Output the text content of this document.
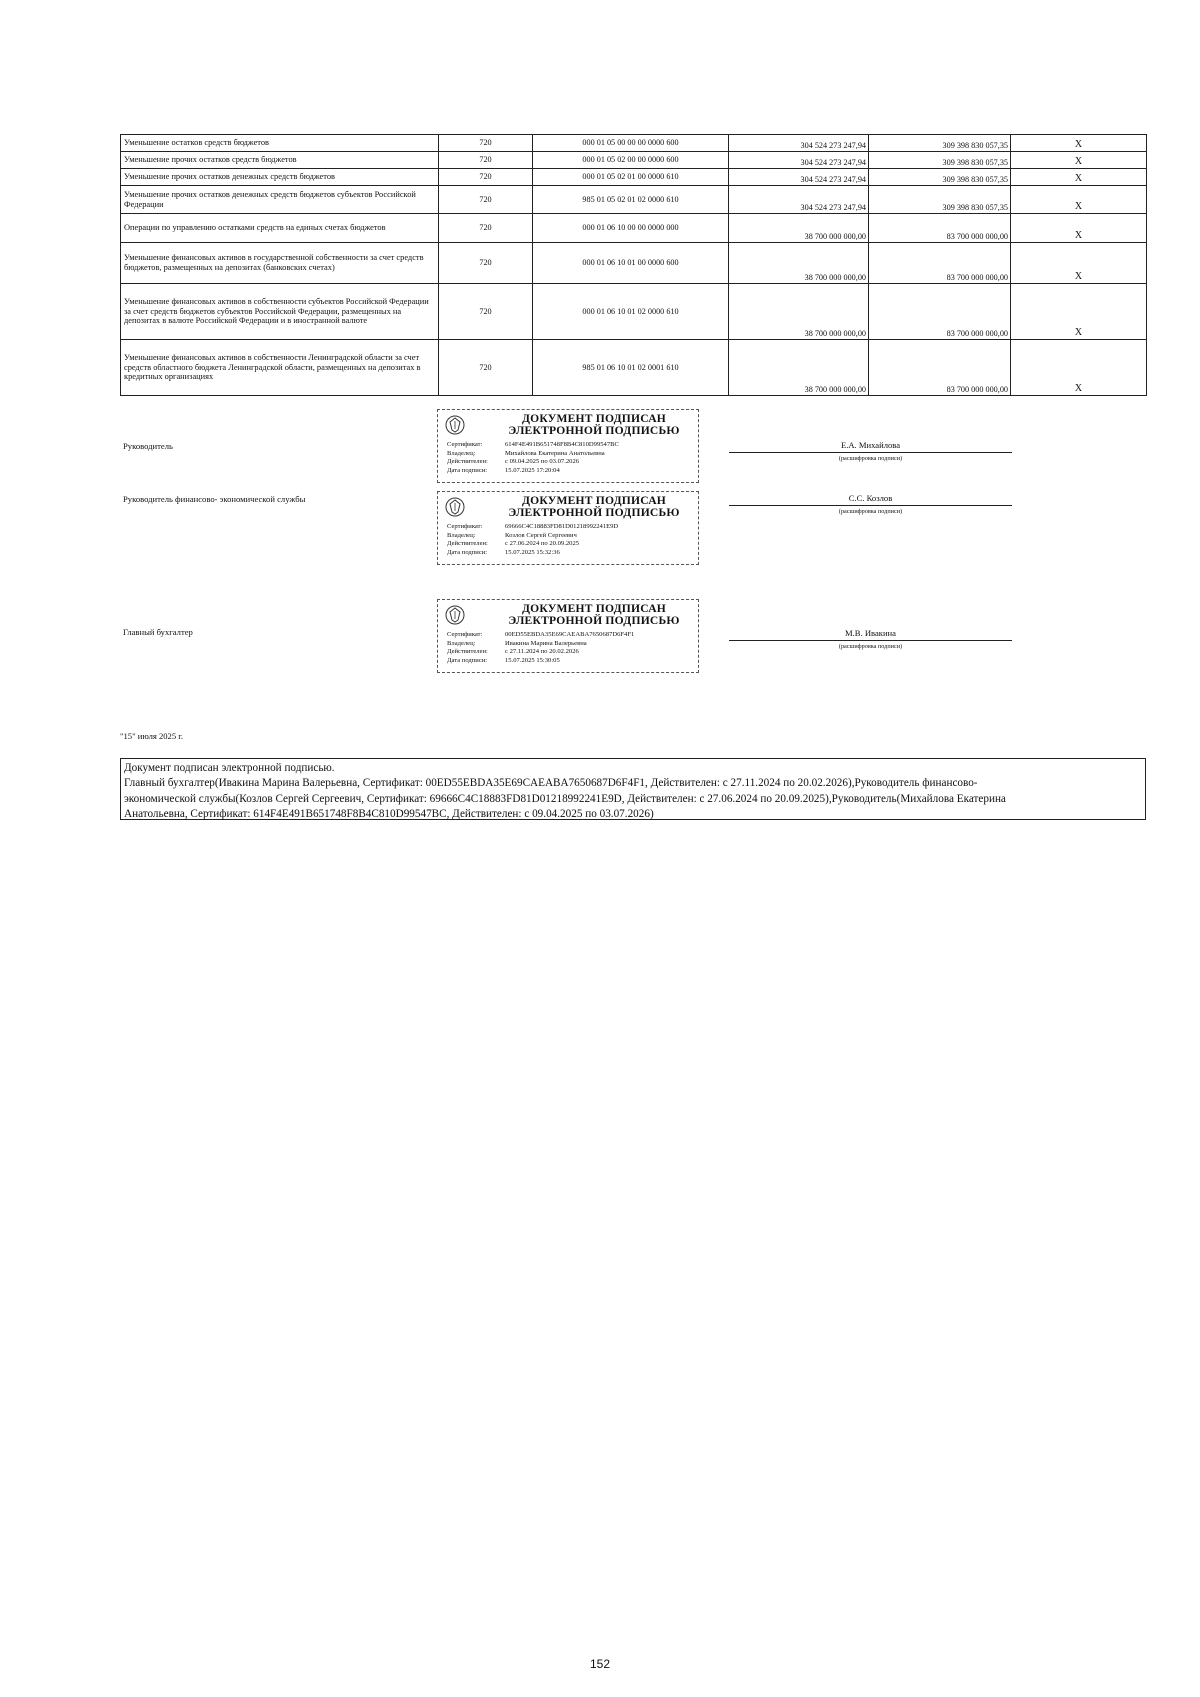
Уменьшение остатков средств бюджетов	720	000 01 05 00 00 00 0000 600	304 524 273 247,94	309 398 830 057,35	X
Уменьшение прочих остатков средств бюджетов	720	000 01 05 02 00 00 0000 600	304 524 273 247,94	309 398 830 057,35	X
Уменьшение прочих остатков денежных средств бюджетов	720	000 01 05 02 01 00 0000 610	304 524 273 247,94	309 398 830 057,35	X
Уменьшение прочих остатков денежных средств бюджетов субъектов Российской Федерации	720	985 01 05 02 01 02 0000 610	304 524 273 247,94	309 398 830 057,35	X
Операции по управлению остатками средств на единых счетах бюджетов	720	000 01 06 10 00 00 0000 000	38 700 000 000,00	83 700 000 000,00	X
Уменьшение финансовых активов в государственной собственности за счет средств бюджетов, размещенных на депозитах (банковских счетах)	720	000 01 06 10 01 00 0000 600	38 700 000 000,00	83 700 000 000,00	X
Уменьшение финансовых активов в собственности субъектов Российской Федерации за счет средств бюджетов субъектов Российской Федерации, размещенных на депозитах в валюте Российской Федерации и в иностранной валюте	720	000 01 06 10 01 02 0000 610	38 700 000 000,00	83 700 000 000,00	X
Уменьшение финансовых активов в собственности Ленинградской области за счет средств областного бюджета Ленинградской области, размещенных на депозитах в кредитных организациях	720	985 01 06 10 01 02 0001 610	38 700 000 000,00	83 700 000 000,00	X
Руководитель
ДОКУМЕНТ ПОДПИСАН
ЭЛЕКТРОННОЙ ПОДПИСЬЮ
Сертификат:	614F4E491B651748F8B4C810D99547BC
Владелец:	Михайлова Екатерина Анатольевна
Действителен:	с 09.04.2025 по 03.07.2026
Дата подписи:	15.07.2025 17:20:04
Е.А. Михайлова
(расшифровка подписи)
Руководитель финансово- экономической службы	ДОКУМЕНТ ПОДПИСАН
ЭЛЕКТРОННОЙ ПОДПИСЬЮ
Сертификат:	69666C4C18883FD81D01218992241E9D
Владелец:	Козлов Сергей Сергеевич
Действителен:	с 27.06.2024 по 20.09.2025
Дата подписи:	15.07.2025 15:32:36
С.С. Козлов
(расшифровка подписи)
Главный бухгалтер
ДОКУМЕНТ ПОДПИСАН
ЭЛЕКТРОННОЙ ПОДПИСЬЮ
Сертификат:	00ED55EBDA35E69CAEABA7650687D6F4F1
Владелец:	Ивакина Марина Валерьевна
Действителен:	с 27.11.2024 по 20.02.2026
Дата подписи:	15.07.2025 15:30:05
М.В. Ивакина
(расшифровка подписи)
"15" июля 2025 г.
Документ подписан электронной подписью.
Главный бухгалтер(Ивакина Марина Валерьевна, Сертификат: 00ED55EBDA35E69CAEABA7650687D6F4F1, Действителен: с 27.11.2024 по 20.02.2026),Руководитель финансово-
экономической службы(Козлов Сергей Сергеевич, Сертификат: 69666C4C18883FD81D01218992241E9D, Действителен: с 27.06.2024 по 20.09.2025),Руководитель(Михайлова Екатерина
Анатольевна, Сертификат: 614F4E491B651748F8B4C810D99547BC, Действителен: с 09.04.2025 по 03.07.2026)
152
